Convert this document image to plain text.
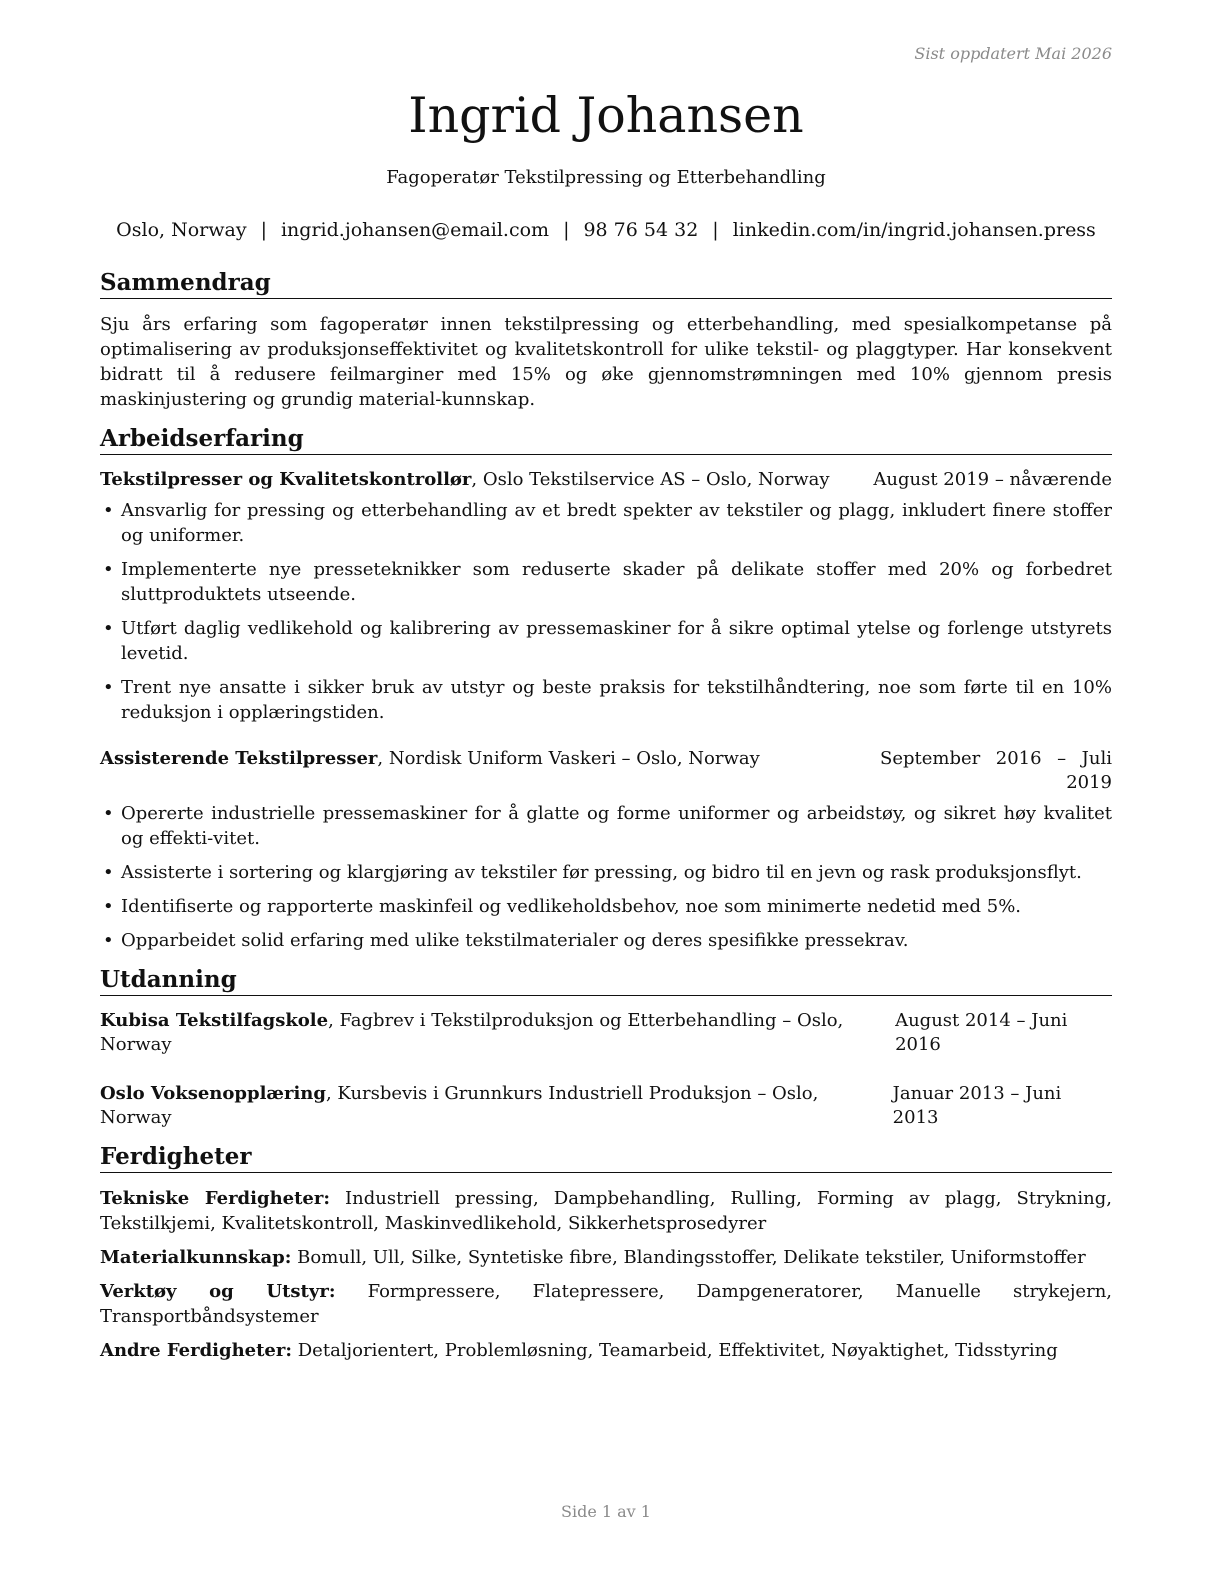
Sist oppdatert Mai 2026
Ingrid Johansen
Fagoperatør Tekstilpressing og Etterbehandling
Oslo, Norway | ingrid.johansen@email.com | 98 76 54 32 | linkedin.com/in/ingrid.johansen.press
Sammendrag

Sju års erfaring som fagoperatør innen tekstilpressing og etterbehandling, med spesialkompetanse på optimalisering av produksjonseffektivitet og kvalitetskontroll for ulike tekstil- og plaggtyper. Har konsekvent bidratt til å redusere feilmarginer med 15% og øke gjennomstrømningen med 10% gjennom presis maskinjustering og grundig material-kunnskap.

Arbeidserfaring
Tekstilpresser og Kvalitetskontrollør, Oslo Tekstilservice AS – Oslo, Norway	August 2019 – nåværende
• Ansvarlig for pressing og etterbehandling av et bredt spekter av tekstiler og plagg, inkludert finere stoffer og uniformer.
• Implementerte nye presseteknikker som reduserte skader på delikate stoffer med 20% og forbedret sluttproduktets utseende.
• Utført daglig vedlikehold og kalibrering av pressemaskiner for å sikre optimal ytelse og forlenge utstyrets levetid.
• Trent nye ansatte i sikker bruk av utstyr og beste praksis for tekstilhåndtering, noe som førte til en 10% reduksjon i opplæringstiden.
Assisterende Tekstilpresser, Nordisk Uniform Vaskeri – Oslo, Norway	September 2016 – Juli 2019
• Opererte industrielle pressemaskiner for å glatte og forme uniformer og arbeidstøy, og sikret høy kvalitet og effekti-vitet.
• Assisterte i sortering og klargjøring av tekstiler før pressing, og bidro til en jevn og rask produksjonsflyt.
• Identifiserte og rapporterte maskinfeil og vedlikeholdsbehov, noe som minimerte nedetid med 5%.
• Opparbeidet solid erfaring med ulike tekstilmaterialer og deres spesifikke pressekrav.
Utdanning
Kubisa Tekstilfagskole, Fagbrev i Tekstilproduksjon og Etterbehandling – Oslo, Norway
August 2014 – Juni 2016
Oslo Voksenopplæring, Kursbevis i Grunnkurs Industriell Produksjon – Oslo, Norway
Januar 2013 – Juni 2013
Ferdigheter
Tekniske Ferdigheter: Industriell pressing, Dampbehandling, Rulling, Forming av plagg, Strykning, Tekstilkjemi, Kvalitetskontroll, Maskinvedlikehold, Sikkerhetsprosedyrer
Materialkunnskap: Bomull, Ull, Silke, Syntetiske fibre, Blandingsstoffer, Delikate tekstiler, Uniformstoffer
Verktøy og Utstyr: Formpressere, Flatepressere, Dampgeneratorer, Manuelle strykejern, Transportbåndsystemer
Andre Ferdigheter: Detaljorientert, Problemløsning, Teamarbeid, Effektivitet, Nøyaktighet, Tidsstyring
Side 1 av 1
